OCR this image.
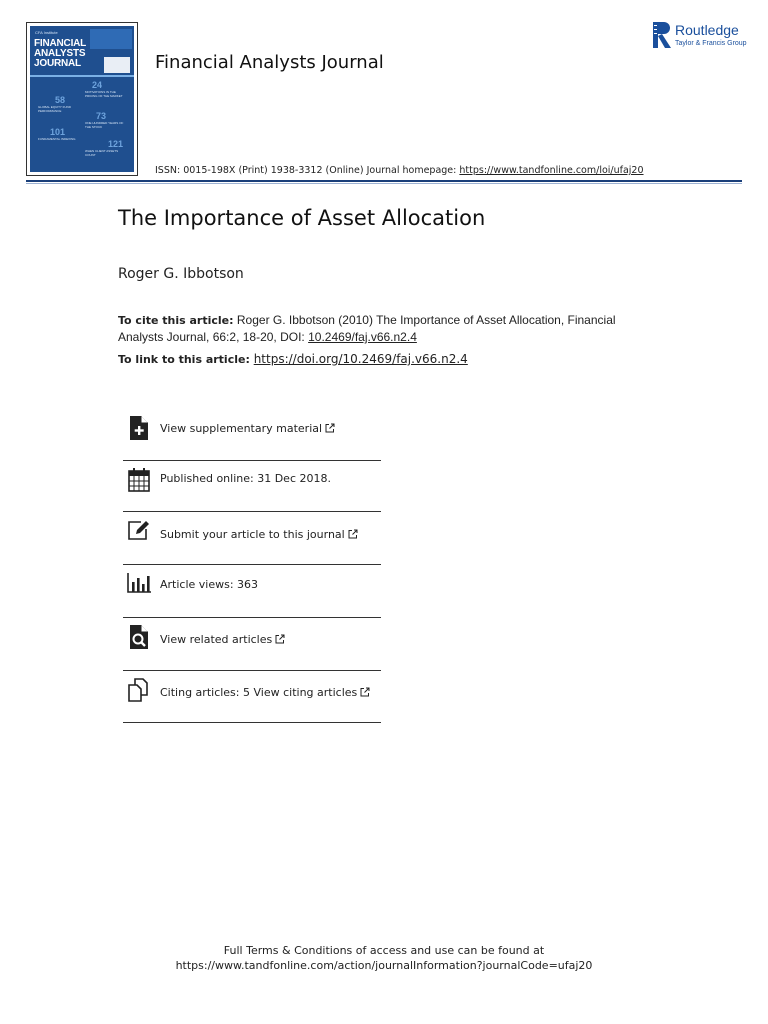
CFA Institute
FINANCIAL
ANALYSTS
JOURNAL
24
MOTIVATIONS IN THE PRICING OF THE MARKET
58
GLOBAL EQUITY FUND PERFORMANCE	73
ONE HUNDRED YEARS OF THE STOCK
101
FUNDAMENTAL INDEXING	121
WHEN CLIENT ASSETS COUNT
Financial Analysts Journal
ISSN: 0015-198X (Print) 1938-3312 (Online) Journal homepage: https://www.tandfonline.com/loi/ufaj20
Routledge
Taylor & Francis Group
The Importance of Asset Allocation
Roger G. Ibbotson
To cite this article: Roger G. Ibbotson (2010) The Importance of Asset Allocation, Financial Analysts Journal, 66:2, 18-20, DOI: 10.2469/faj.v66.n2.4
To link to this article: https://doi.org/10.2469/faj.v66.n2.4
View supplementary material
Published online: 31 Dec 2018.
Submit your article to this journal
Article views: 363
View related articles
Citing articles: 5 View citing articles
Full Terms & Conditions of access and use can be found at
https://www.tandfonline.com/action/journalInformation?journalCode=ufaj20
